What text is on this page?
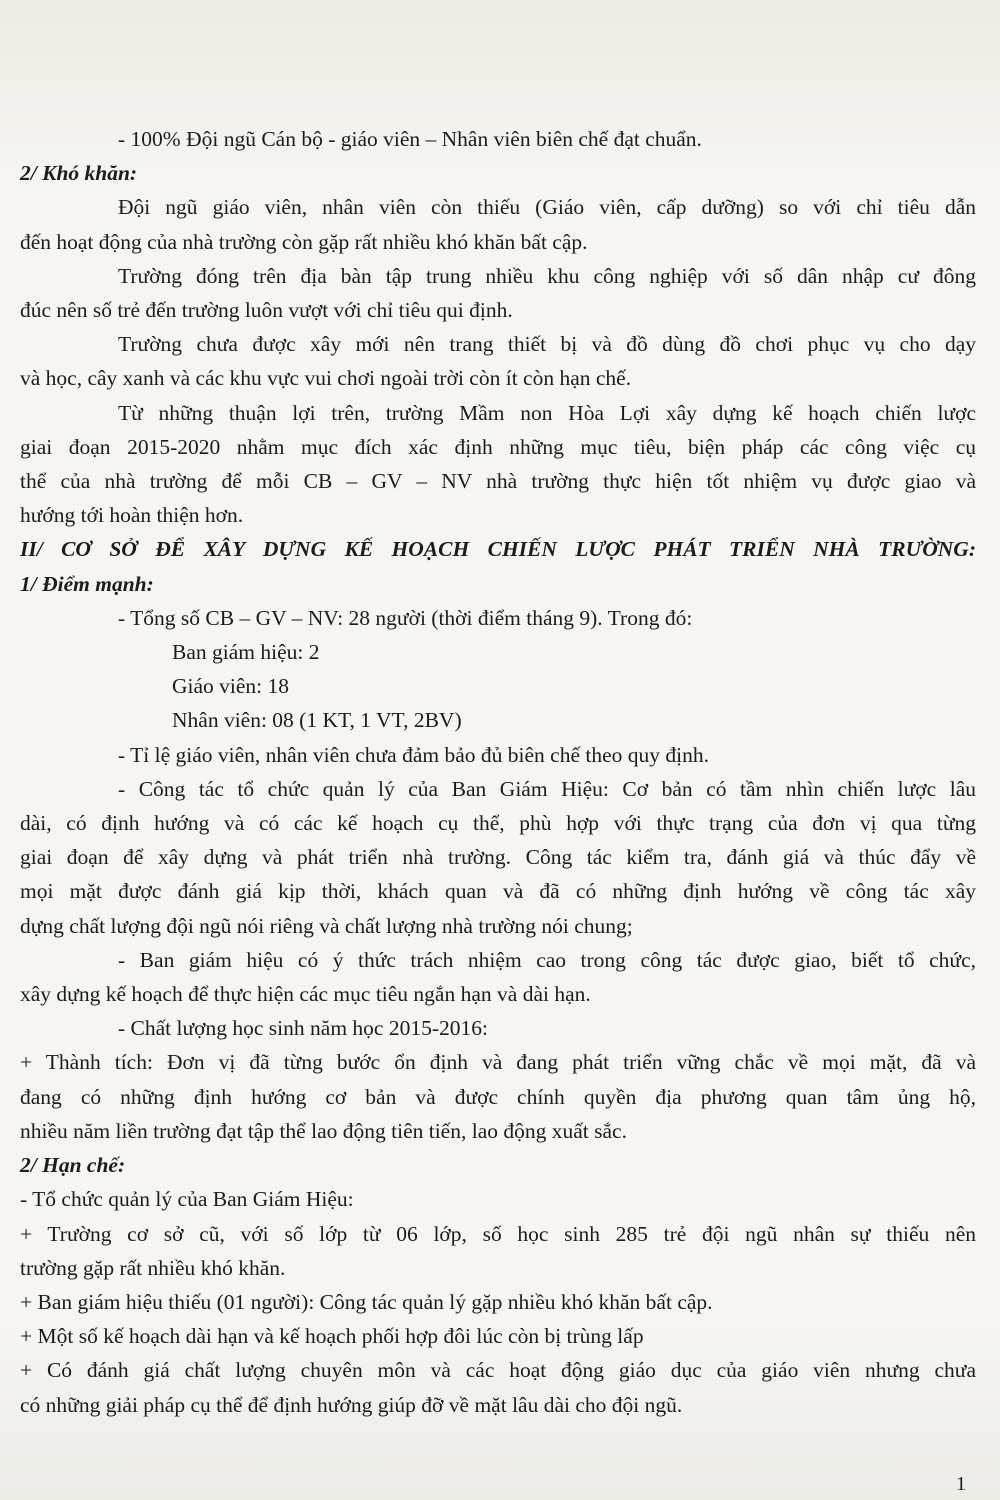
- 100% Đội ngũ Cán bộ - giáo viên – Nhân viên biên chế đạt chuẩn.
2/ Khó khăn:
Đội ngũ giáo viên, nhân viên còn thiếu (Giáo viên, cấp dưỡng) so với chỉ tiêu dẫn
đến hoạt động của nhà trường còn gặp rất nhiều khó khăn bất cập.
Trường đóng trên địa bàn tập trung nhiều khu công nghiệp với số dân nhập cư đông
đúc nên số trẻ đến trường luôn vượt với chỉ tiêu qui định.
Trường chưa được xây mới nên trang thiết bị và đồ dùng đồ chơi phục vụ cho dạy
và học, cây xanh và các khu vực vui chơi ngoài trời còn ít còn hạn chế.
Từ những thuận lợi trên, trường Mầm non Hòa Lợi xây dựng kế hoạch chiến lược
giai đoạn 2015-2020 nhằm mục đích xác định những mục tiêu, biện pháp các công việc cụ
thể của nhà trường để mỗi CB – GV – NV nhà trường thực hiện tốt nhiệm vụ được giao và
hướng tới hoàn thiện hơn.
II/ CƠ SỞ ĐỂ XÂY DỰNG KẾ HOẠCH CHIẾN LƯỢC PHÁT TRIỂN NHÀ TRƯỜNG:
1/ Điểm mạnh:
- Tổng số CB – GV – NV: 28 người (thời điểm tháng 9). Trong đó:
Ban giám hiệu: 2
Giáo viên: 18
Nhân viên: 08 (1 KT, 1 VT, 2BV)
- Tỉ lệ giáo viên, nhân viên chưa đảm bảo đủ biên chế theo quy định.
- Công tác tổ chức quản lý của Ban Giám Hiệu: Cơ bản có tầm nhìn chiến lược lâu
dài, có định hướng và có các kế hoạch cụ thể, phù hợp với thực trạng của đơn vị qua từng
giai đoạn để xây dựng và phát triển nhà trường. Công tác kiểm tra, đánh giá và thúc đẩy về
mọi mặt được đánh giá kịp thời, khách quan và đã có những định hướng về công tác xây
dựng chất lượng đội ngũ nói riêng và chất lượng nhà trường nói chung;
- Ban giám hiệu có ý thức trách nhiệm cao trong công tác được giao, biết tổ chức,
xây dựng kế hoạch để thực hiện các mục tiêu ngắn hạn và dài hạn.
- Chất lượng học sinh năm học 2015-2016:
+ Thành tích: Đơn vị đã từng bước ổn định và đang phát triển vững chắc về mọi mặt, đã và
đang có những định hướng cơ bản và được chính quyền địa phương quan tâm ủng hộ,
nhiều năm liền trường đạt tập thể lao động tiên tiến, lao động xuất sắc.
2/ Hạn chế:
- Tổ chức quản lý của Ban Giám Hiệu:
+ Trường cơ sở cũ, với số lớp từ 06 lớp, số học sinh 285 trẻ đội ngũ nhân sự thiếu nên
trường gặp rất nhiều khó khăn.
+ Ban giám hiệu thiếu (01 người): Công tác quản lý gặp nhiều khó khăn bất cập.
+ Một số kế hoạch dài hạn và kế hoạch phối hợp đôi lúc còn bị trùng lấp
+ Có đánh giá chất lượng chuyên môn và các hoạt động giáo dục của giáo viên nhưng chưa
có những giải pháp cụ thể để định hướng giúp đỡ về mặt lâu dài cho đội ngũ.
1
